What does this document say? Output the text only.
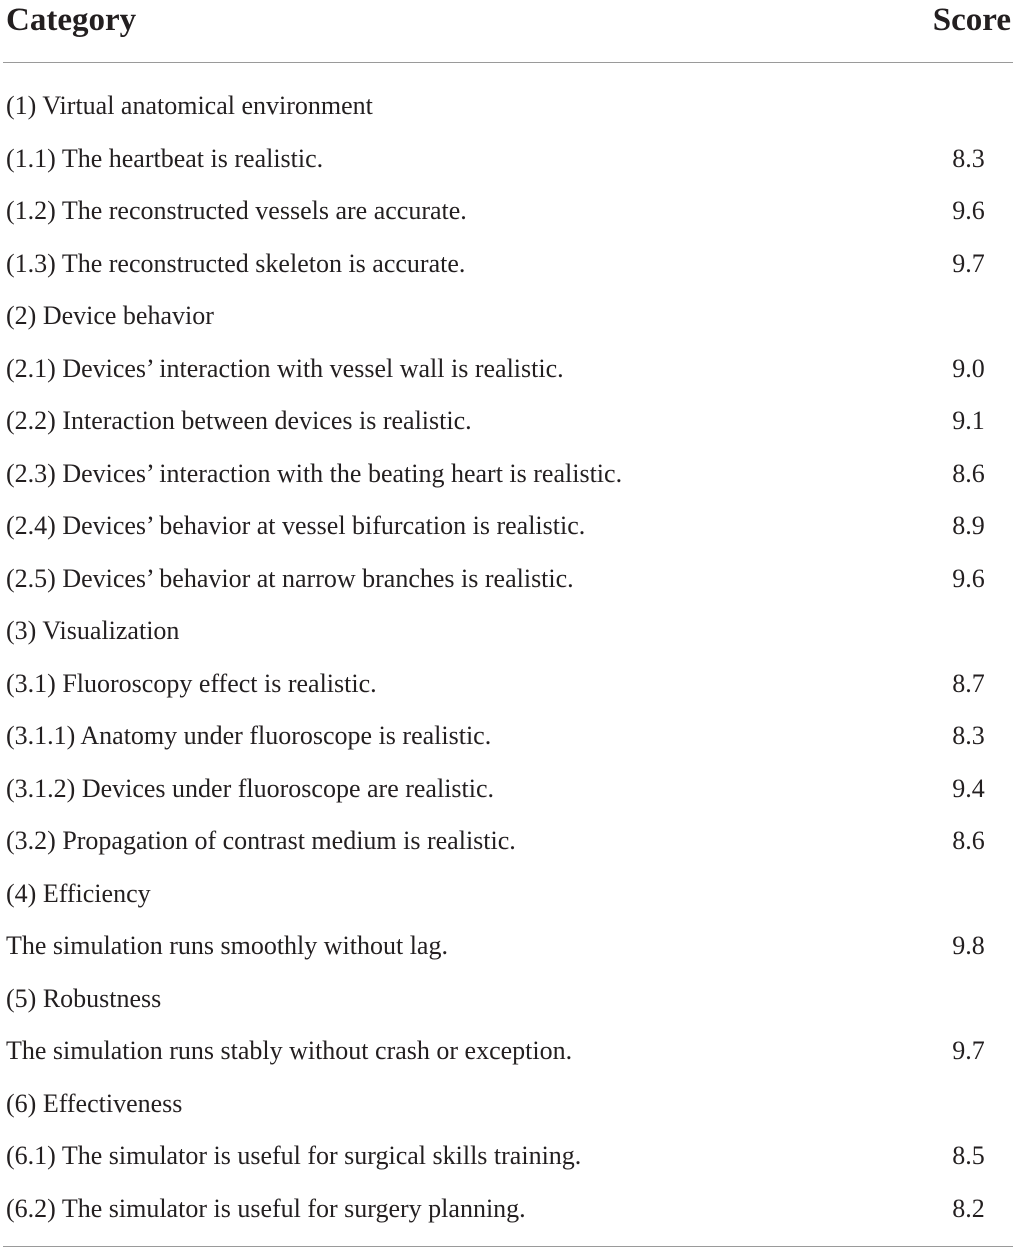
Category	Score
(1) Virtual anatomical environment
(1.1) The heartbeat is realistic.	8.3
(1.2) The reconstructed vessels are accurate.	9.6
(1.3) The reconstructed skeleton is accurate.	9.7
(2) Device behavior
(2.1) Devices’ interaction with vessel wall is realistic.	9.0
(2.2) Interaction between devices is realistic.	9.1
(2.3) Devices’ interaction with the beating heart is realistic.	8.6
(2.4) Devices’ behavior at vessel bifurcation is realistic.	8.9
(2.5) Devices’ behavior at narrow branches is realistic.	9.6
(3) Visualization
(3.1) Fluoroscopy effect is realistic.	8.7
(3.1.1) Anatomy under fluoroscope is realistic.	8.3
(3.1.2) Devices under fluoroscope are realistic.	9.4
(3.2) Propagation of contrast medium is realistic.	8.6
(4) Efficiency
The simulation runs smoothly without lag.	9.8
(5) Robustness
The simulation runs stably without crash or exception.	9.7
(6) Effectiveness
(6.1) The simulator is useful for surgical skills training.	8.5
(6.2) The simulator is useful for surgery planning.	8.2
